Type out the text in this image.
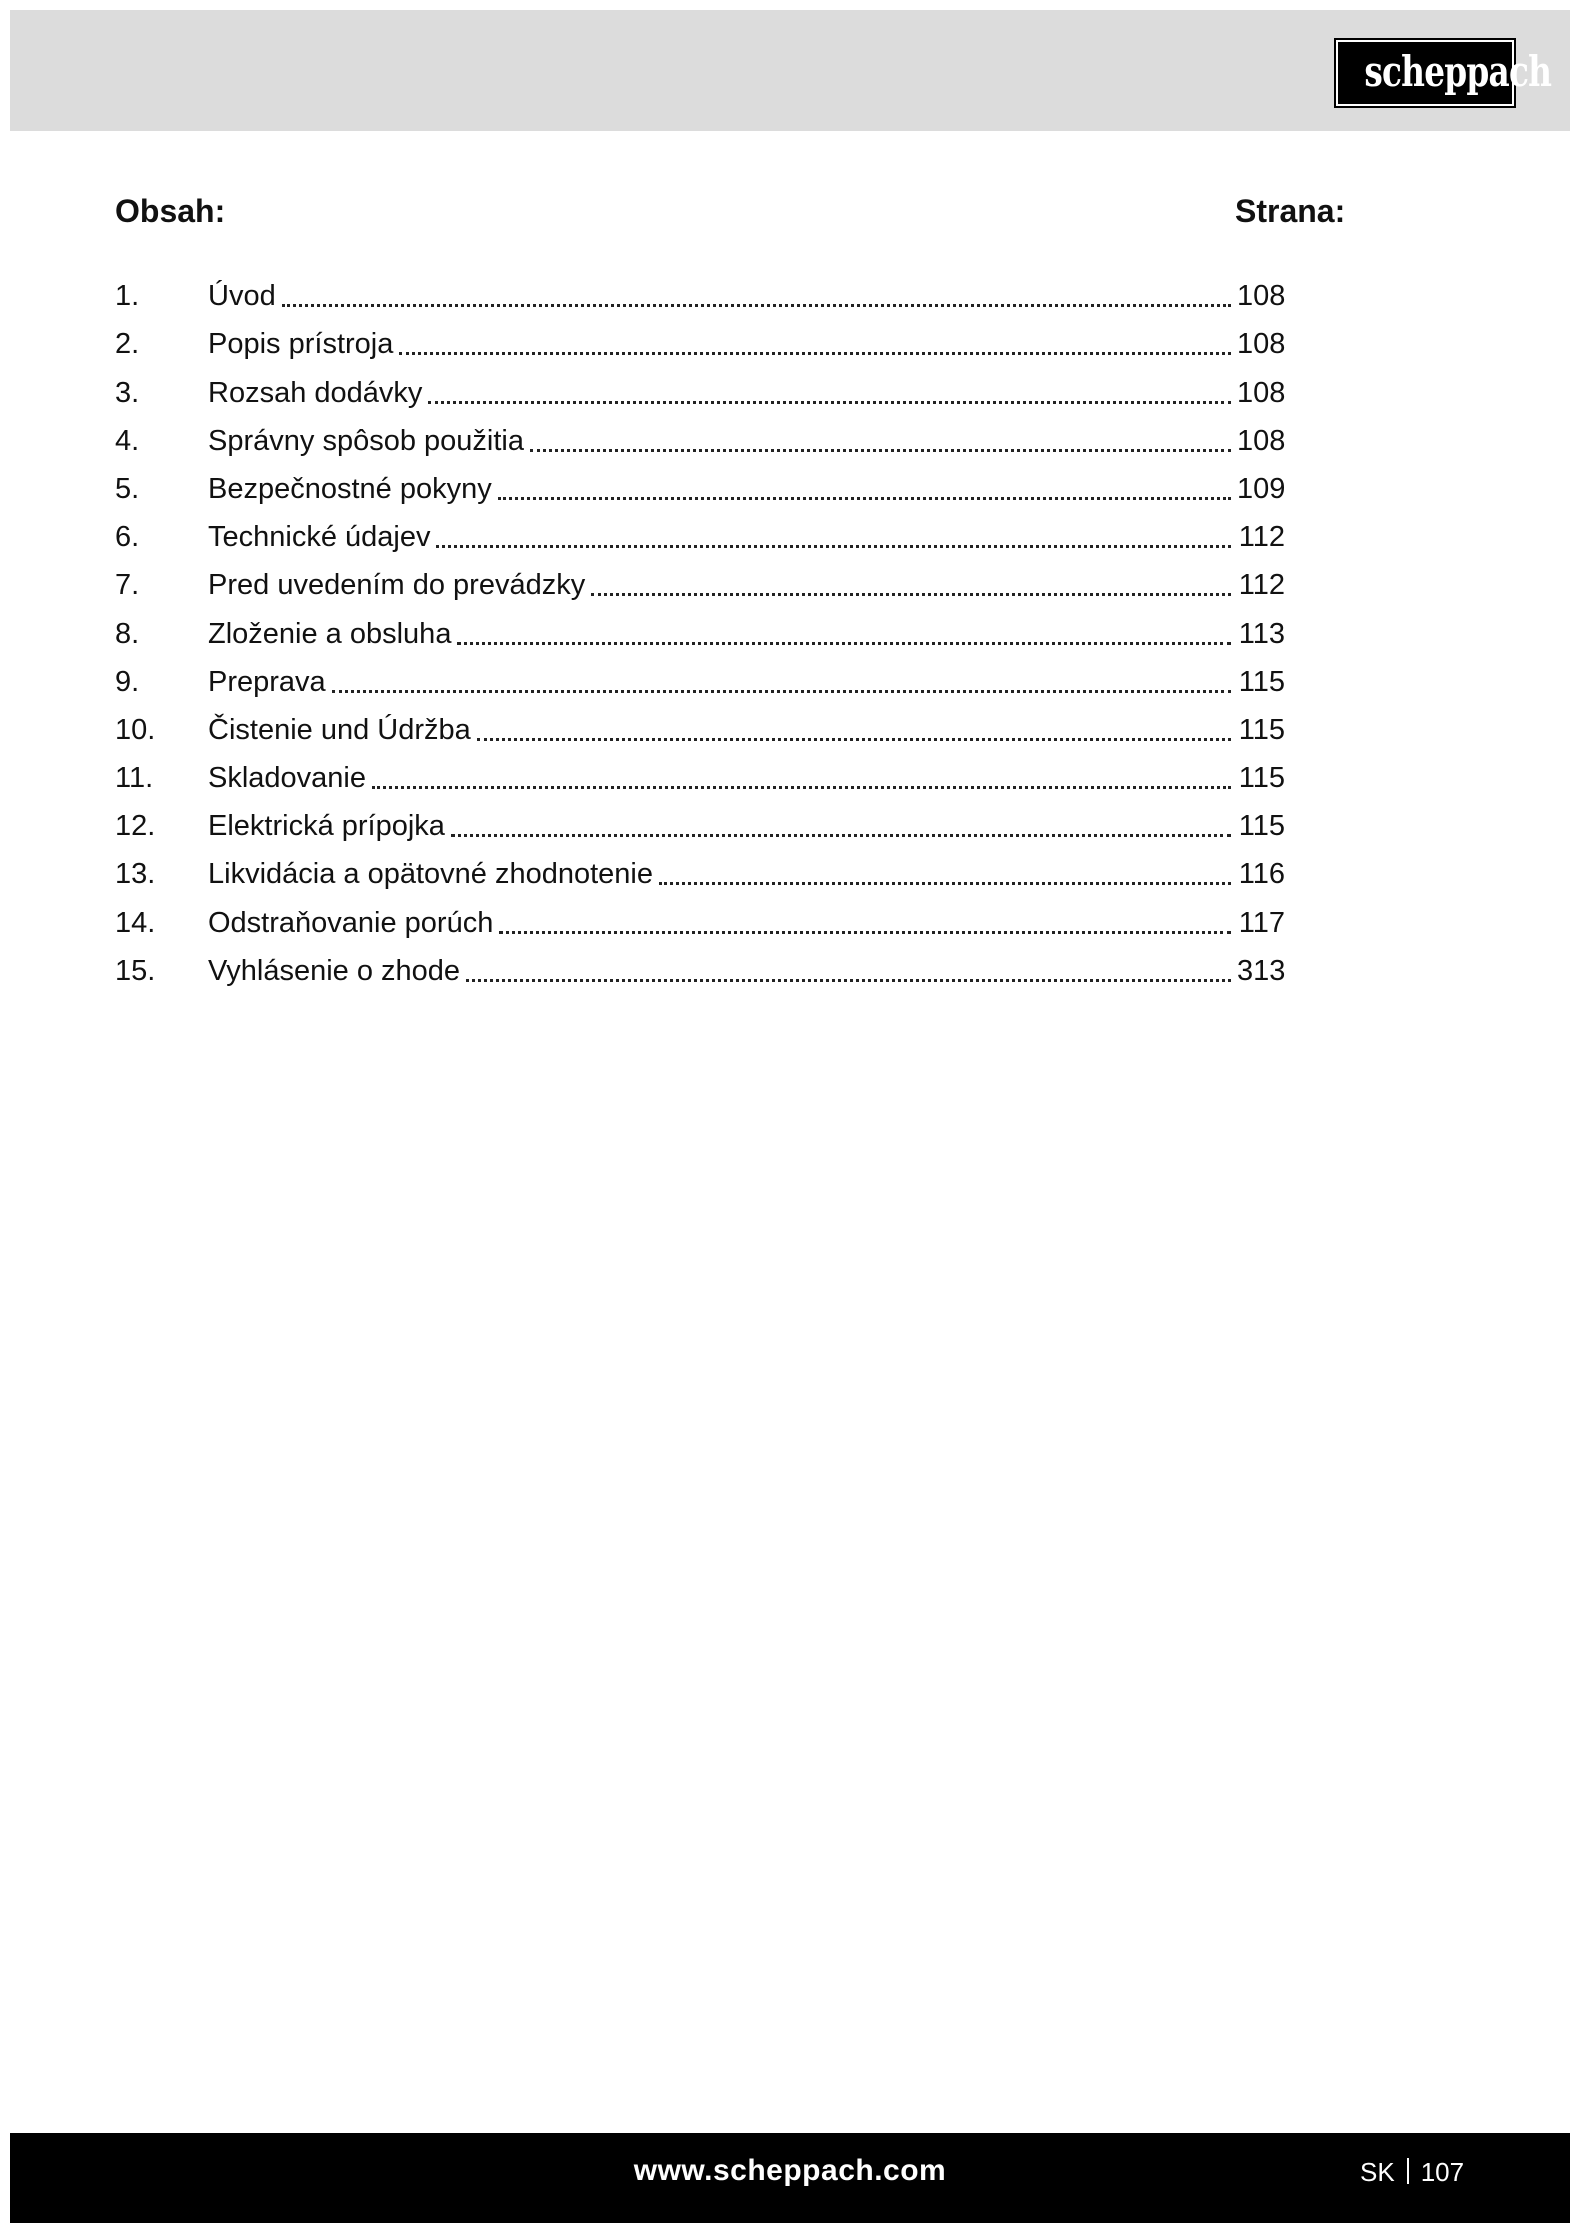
scheppach
Obsah:	Strana:
1.	Úvod	108
2.	Popis prístroja	108
3.	Rozsah dodávky	108
4.	Správny spôsob použitia	108
5.	Bezpečnostné pokyny	109
6.	Technické údajev	112
7.	Pred uvedením do prevádzky	112
8.	Zloženie a obsluha	113
9.	Preprava	115
10.	Čistenie und Údržba	115
11.	Skladovanie	115
12.	Elektrická prípojka	115
13.	Likvidácia a opätovné zhodnotenie	116
14.	Odstraňovanie porúch	117
15.	Vyhlásenie o zhode	313
www.scheppach.com	SK 107
